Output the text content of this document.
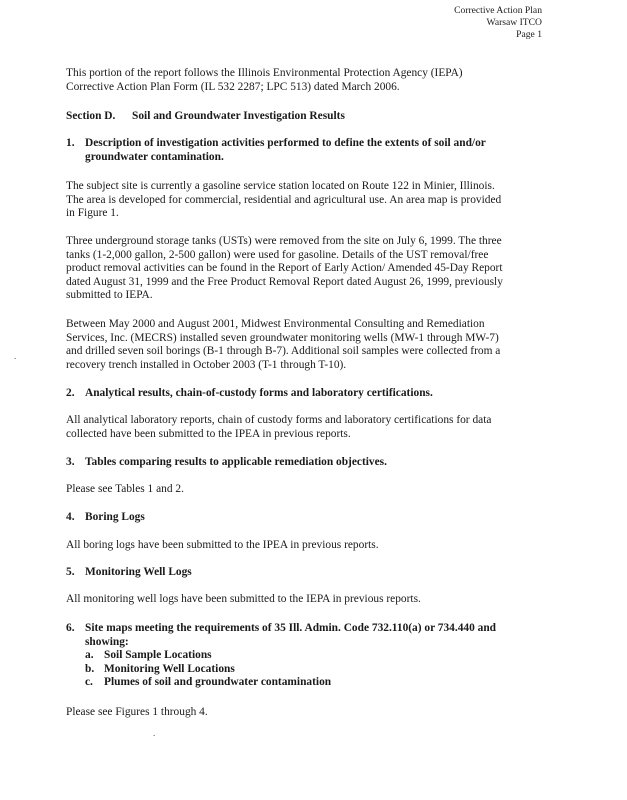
Corrective Action Plan
Warsaw ITCO
Page 1
This portion of the report follows the Illinois Environmental Protection Agency (IEPA)
Corrective Action Plan Form (IL 532 2287; LPC 513) dated March 2006.
Section D. Soil and Groundwater Investigation Results
1. Description of investigation activities performed to define the extents of soil and/or
groundwater contamination.
The subject site is currently a gasoline service station located on Route 122 in Minier, Illinois.
The area is developed for commercial, residential and agricultural use. An area map is provided
in Figure 1.
Three underground storage tanks (USTs) were removed from the site on July 6, 1999. The three
tanks (1-2,000 gallon, 2-500 gallon) were used for gasoline. Details of the UST removal/free
product removal activities can be found in the Report of Early Action/ Amended 45-Day Report
dated August 31, 1999 and the Free Product Removal Report dated August 26, 1999, previously
submitted to IEPA.
Between May 2000 and August 2001, Midwest Environmental Consulting and Remediation
Services, Inc. (MECRS) installed seven groundwater monitoring wells (MW-1 through MW-7)
and drilled seven soil borings (B-1 through B-7). Additional soil samples were collected from a
recovery trench installed in October 2003 (T-1 through T-10).
.
2. Analytical results, chain-of-custody forms and laboratory certifications.
All analytical laboratory reports, chain of custody forms and laboratory certifications for data
collected have been submitted to the IPEA in previous reports.
3. Tables comparing results to applicable remediation objectives.
Please see Tables 1 and 2.
4. Boring Logs
All boring logs have been submitted to the IPEA in previous reports.
5. Monitoring Well Logs
All monitoring well logs have been submitted to the IEPA in previous reports.
6. Site maps meeting the requirements of 35 Ill. Admin. Code 732.110(a) or 734.440 and
showing:
a. Soil Sample Locations
b. Monitoring Well Locations
c. Plumes of soil and groundwater contamination
Please see Figures 1 through 4.
.
